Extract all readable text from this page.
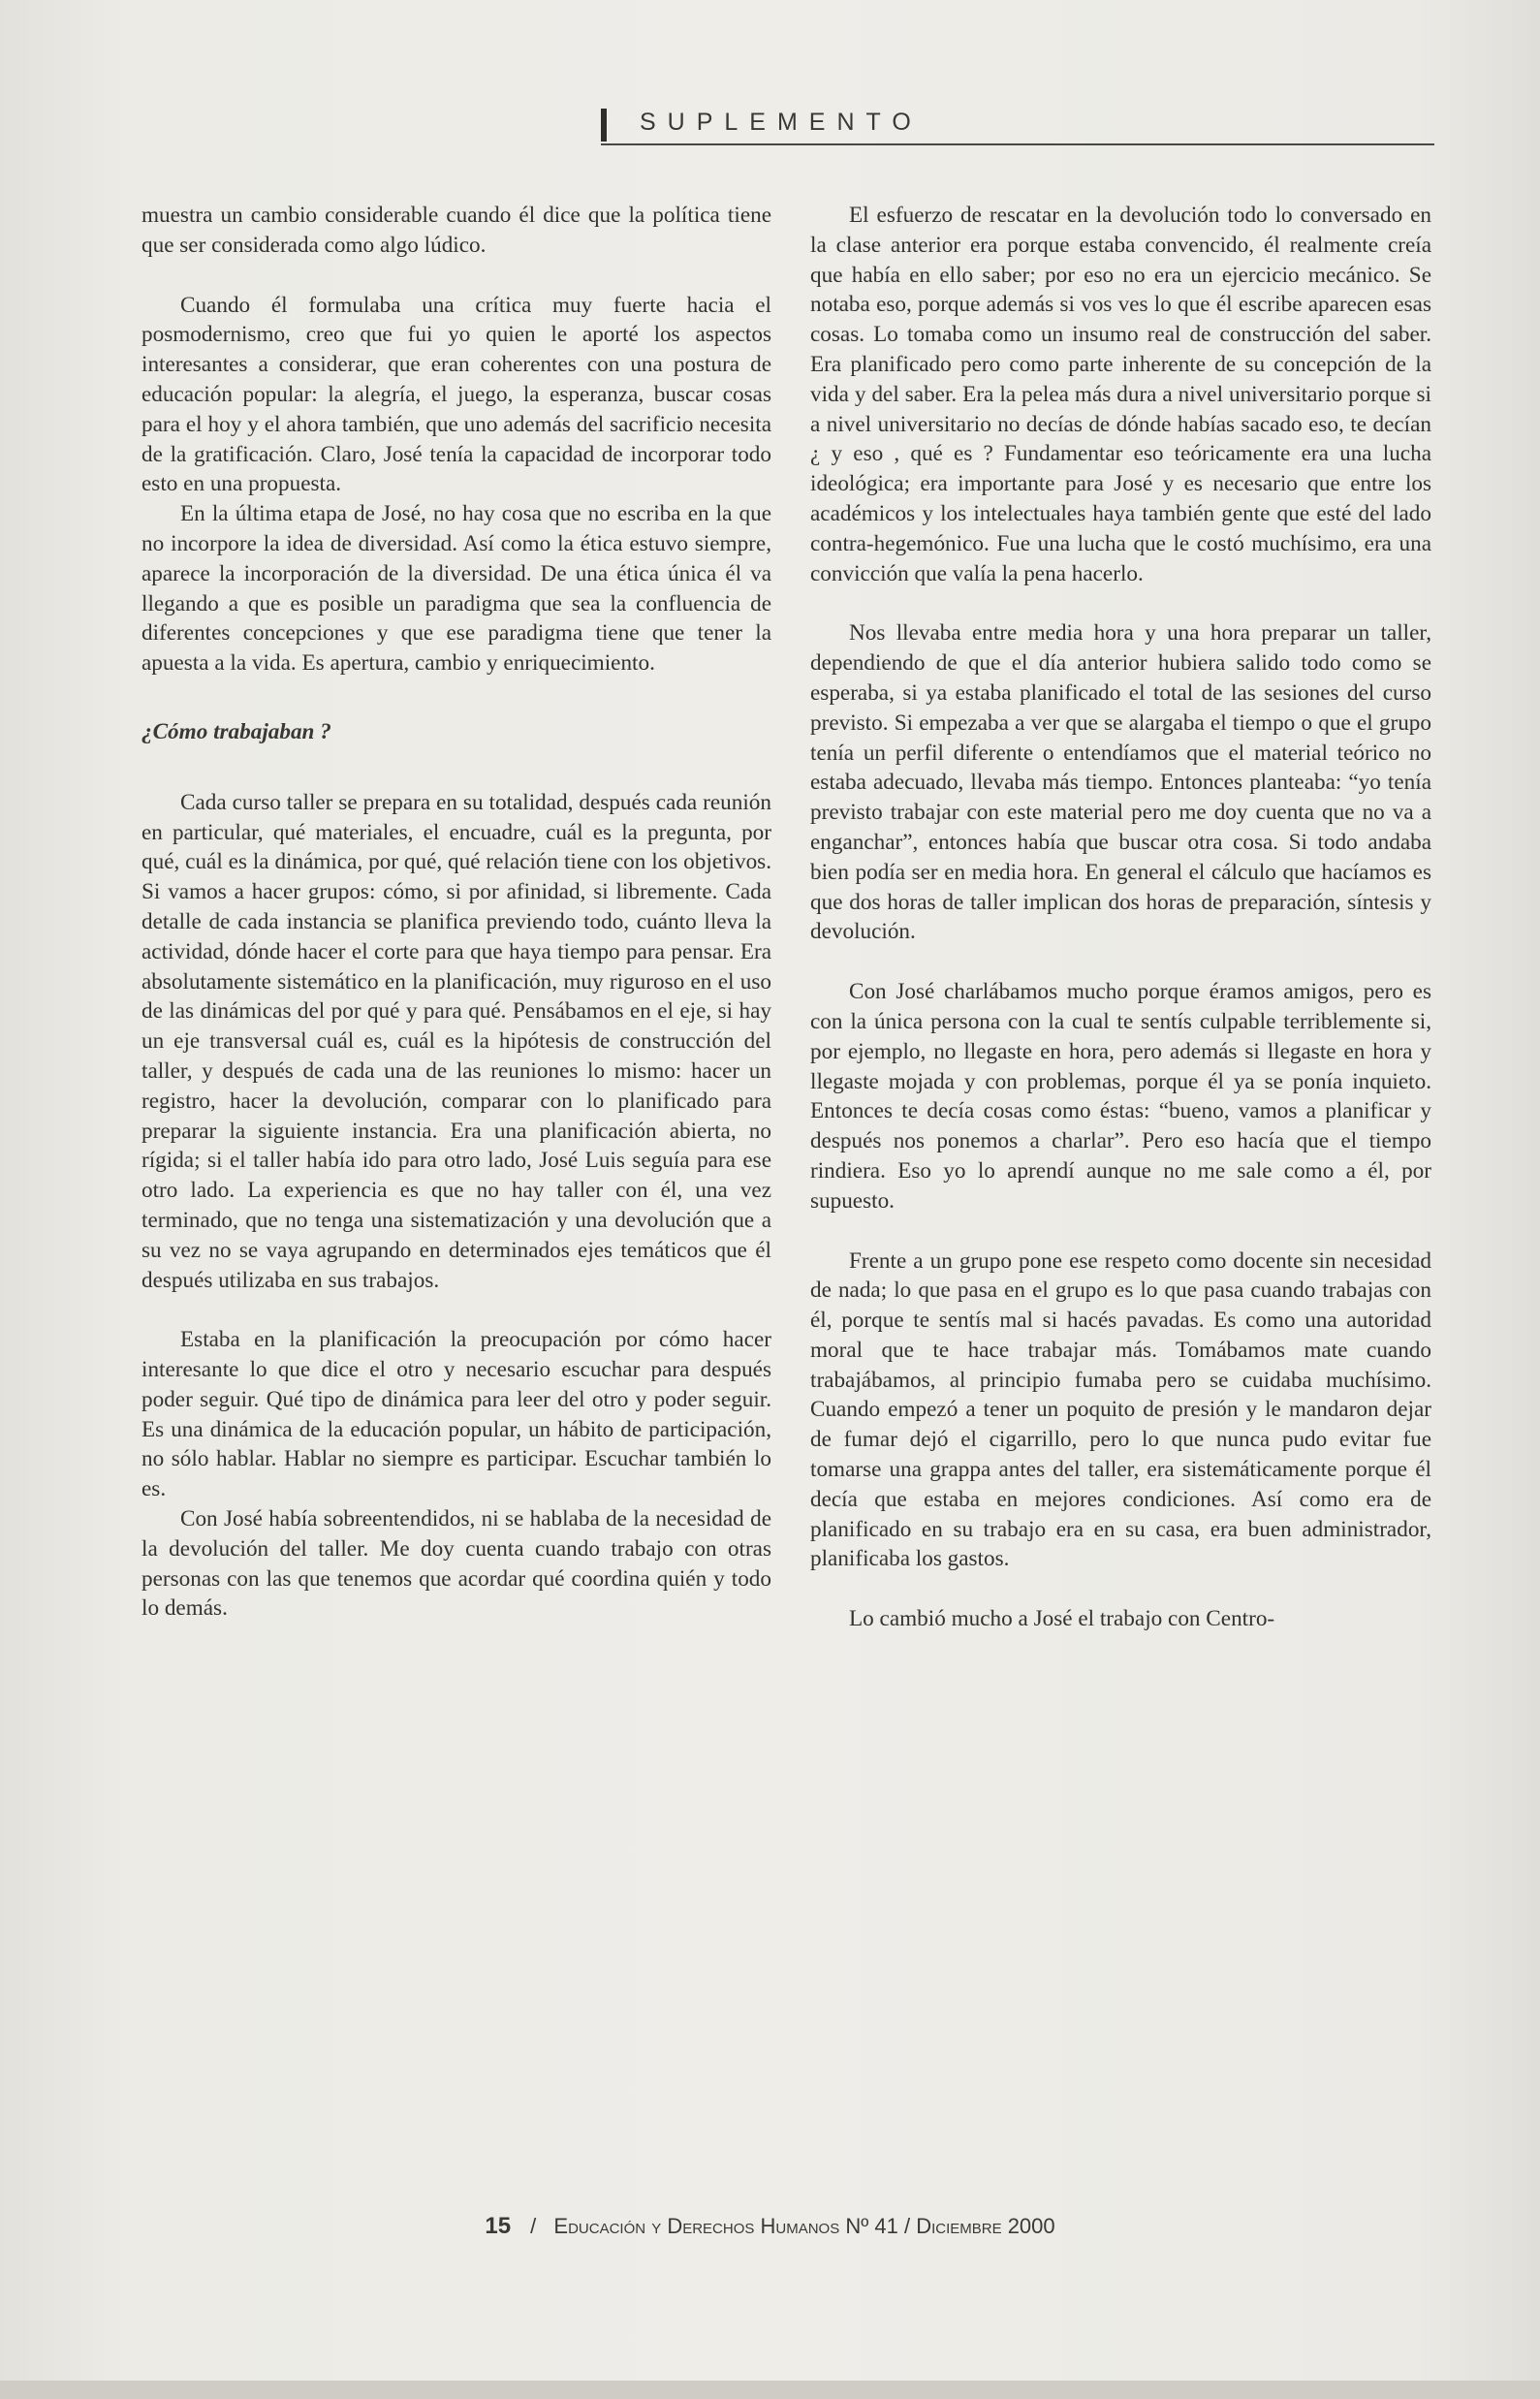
SUPLEMENTO

muestra un cambio considerable cuando él dice que la política tiene que ser considerada como algo lúdico.

Cuando él formulaba una crítica muy fuerte hacia el posmodernismo, creo que fui yo quien le aporté los aspectos interesantes a considerar, que eran coherentes con una postura de educación popular: la alegría, el juego, la esperanza, buscar cosas para el hoy y el ahora también, que uno además del sacrificio necesita de la gratificación. Claro, José tenía la capacidad de incorporar todo esto en una propuesta.

En la última etapa de José, no hay cosa que no escriba en la que no incorpore la idea de diversidad. Así como la ética estuvo siempre, aparece la incorporación de la diversidad. De una ética única él va llegando a que es posible un paradigma que sea la confluencia de diferentes concepciones y que ese paradigma tiene que tener la apuesta a la vida. Es apertura, cambio y enriquecimiento.

¿Cómo trabajaban ?

Cada curso taller se prepara en su totalidad, después cada reunión en particular, qué materiales, el encuadre, cuál es la pregunta, por qué, cuál es la dinámica, por qué, qué relación tiene con los objetivos. Si vamos a hacer grupos: cómo, si por afinidad, si libremente. Cada detalle de cada instancia se planifica previendo todo, cuánto lleva la actividad, dónde hacer el corte para que haya tiempo para pensar. Era absolutamente sistemático en la planificación, muy riguroso en el uso de las dinámicas del por qué y para qué. Pensábamos en el eje, si hay un eje transversal cuál es, cuál es la hipótesis de construcción del taller, y después de cada una de las reuniones lo mismo: hacer un registro, hacer la devolución, comparar con lo planificado para preparar la siguiente instancia. Era una planificación abierta, no rígida; si el taller había ido para otro lado, José Luis seguía para ese otro lado. La experiencia es que no hay taller con él, una vez terminado, que no tenga una sistematización y una devolución que a su vez no se vaya agrupando en determinados ejes temáticos que él después utilizaba en sus trabajos.

Estaba en la planificación la preocupación por cómo hacer interesante lo que dice el otro y necesario escuchar para después poder seguir. Qué tipo de dinámica para leer del otro y poder seguir. Es una dinámica de la educación popular, un hábito de participación, no sólo hablar. Hablar no siempre es participar. Escuchar también lo es.

Con José había sobreentendidos, ni se hablaba de la necesidad de la devolución del taller. Me doy cuenta cuando trabajo con otras personas con las que tenemos que acordar qué coordina quién y todo lo demás.

El esfuerzo de rescatar en la devolución todo lo conversado en la clase anterior era porque estaba convencido, él realmente creía que había en ello saber; por eso no era un ejercicio mecánico. Se notaba eso, porque además si vos ves lo que él escribe aparecen esas cosas. Lo tomaba como un insumo real de construcción del saber. Era planificado pero como parte inherente de su concepción de la vida y del saber. Era la pelea más dura a nivel universitario porque si a nivel universitario no decías de dónde habías sacado eso, te decían ¿ y eso , qué es ? Fundamentar eso teóricamente era una lucha ideológica; era importante para José y es necesario que entre los académicos y los intelectuales haya también gente que esté del lado contra-hegemónico. Fue una lucha que le costó muchísimo, era una convicción que valía la pena hacerlo.

Nos llevaba entre media hora y una hora preparar un taller, dependiendo de que el día anterior hubiera salido todo como se esperaba, si ya estaba planificado el total de las sesiones del curso previsto. Si empezaba a ver que se alargaba el tiempo o que el grupo tenía un perfil diferente o entendíamos que el material teórico no estaba adecuado, llevaba más tiempo. Entonces planteaba: “yo tenía previsto trabajar con este material pero me doy cuenta que no va a enganchar”, entonces había que buscar otra cosa. Si todo andaba bien podía ser en media hora. En general el cálculo que hacíamos es que dos horas de taller implican dos horas de preparación, síntesis y devolución.

Con José charlábamos mucho porque éramos amigos, pero es con la única persona con la cual te sentís culpable terriblemente si, por ejemplo, no llegaste en hora, pero además si llegaste en hora y llegaste mojada y con problemas, porque él ya se ponía inquieto. Entonces te decía cosas como éstas: “bueno, vamos a planificar y después nos ponemos a charlar”. Pero eso hacía que el tiempo rindiera. Eso yo lo aprendí aunque no me sale como a él, por supuesto.

Frente a un grupo pone ese respeto como docente sin necesidad de nada; lo que pasa en el grupo es lo que pasa cuando trabajas con él, porque te sentís mal si hacés pavadas. Es como una autoridad moral que te hace trabajar más. Tomábamos mate cuando trabajábamos, al principio fumaba pero se cuidaba muchísimo. Cuando empezó a tener un poquito de presión y le mandaron dejar de fumar dejó el cigarrillo, pero lo que nunca pudo evitar fue tomarse una grappa antes del taller, era sistemáticamente porque él decía que estaba en mejores condiciones. Así como era de planificado en su trabajo era en su casa, era buen administrador, planificaba los gastos.

Lo cambió mucho a José el trabajo con Centro-

15 / Educación y Derechos Humanos Nº 41 / Diciembre 2000
